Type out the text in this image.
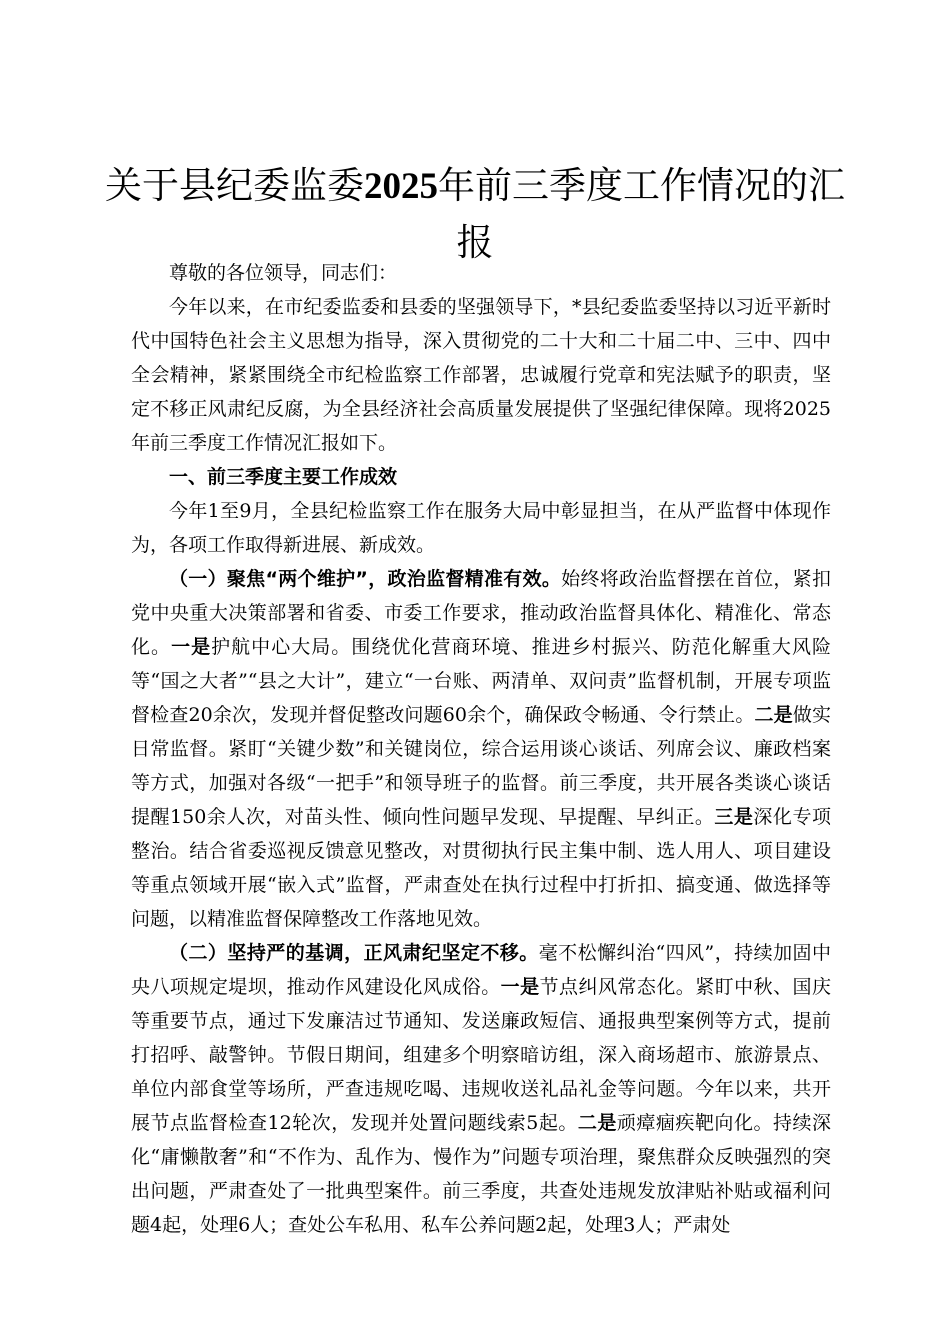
关于县纪委监委2025年前三季度工作情况的汇报

尊敬的各位领导，同志们：

今年以来，在市纪委监委和县委的坚强领导下，*县纪委监委坚持以习近平新时代中国特色社会主义思想为指导，深入贯彻党的二十大和二十届二中、三中、四中全会精神，紧紧围绕全市纪检监察工作部署，忠诚履行党章和宪法赋予的职责，坚定不移正风肃纪反腐，为全县经济社会高质量发展提供了坚强纪律保障。现将2025年前三季度工作情况汇报如下。

一、前三季度主要工作成效

今年1至9月，全县纪检监察工作在服务大局中彰显担当，在从严监督中体现作为，各项工作取得新进展、新成效。

（一）聚焦“两个维护”，政治监督精准有效。始终将政治监督摆在首位，紧扣党中央重大决策部署和省委、市委工作要求，推动政治监督具体化、精准化、常态化。一是护航中心大局。围绕优化营商环境、推进乡村振兴、防范化解重大风险等“国之大者”“县之大计”，建立“一台账、两清单、双问责”监督机制，开展专项监督检查20余次，发现并督促整改问题60余个，确保政令畅通、令行禁止。二是做实日常监督。紧盯“关键少数”和关键岗位，综合运用谈心谈话、列席会议、廉政档案等方式，加强对各级“一把手”和领导班子的监督。前三季度，共开展各类谈心谈话提醒150余人次，对苗头性、倾向性问题早发现、早提醒、早纠正。三是深化专项整治。结合省委巡视反馈意见整改，对贯彻执行民主集中制、选人用人、项目建设等重点领域开展“嵌入式”监督，严肃查处在执行过程中打折扣、搞变通、做选择等问题，以精准监督保障整改工作落地见效。

（二）坚持严的基调，正风肃纪坚定不移。毫不松懈纠治“四风”，持续加固中央八项规定堤坝，推动作风建设化风成俗。一是节点纠风常态化。紧盯中秋、国庆等重要节点，通过下发廉洁过节通知、发送廉政短信、通报典型案例等方式，提前打招呼、敲警钟。节假日期间，组建多个明察暗访组，深入商场超市、旅游景点、单位内部食堂等场所，严查违规吃喝、违规收送礼品礼金等问题。今年以来，共开展节点监督检查12轮次，发现并处置问题线索5起。二是顽瘴痼疾靶向化。持续深化“庸懒散奢”和“不作为、乱作为、慢作为”问题专项治理，聚焦群众反映强烈的突出问题，严肃查处了一批典型案件。前三季度，共查处违规发放津贴补贴或福利问题4起，处理6人；查处公车私用、私车公养问题2起，处理3人；严肃处
